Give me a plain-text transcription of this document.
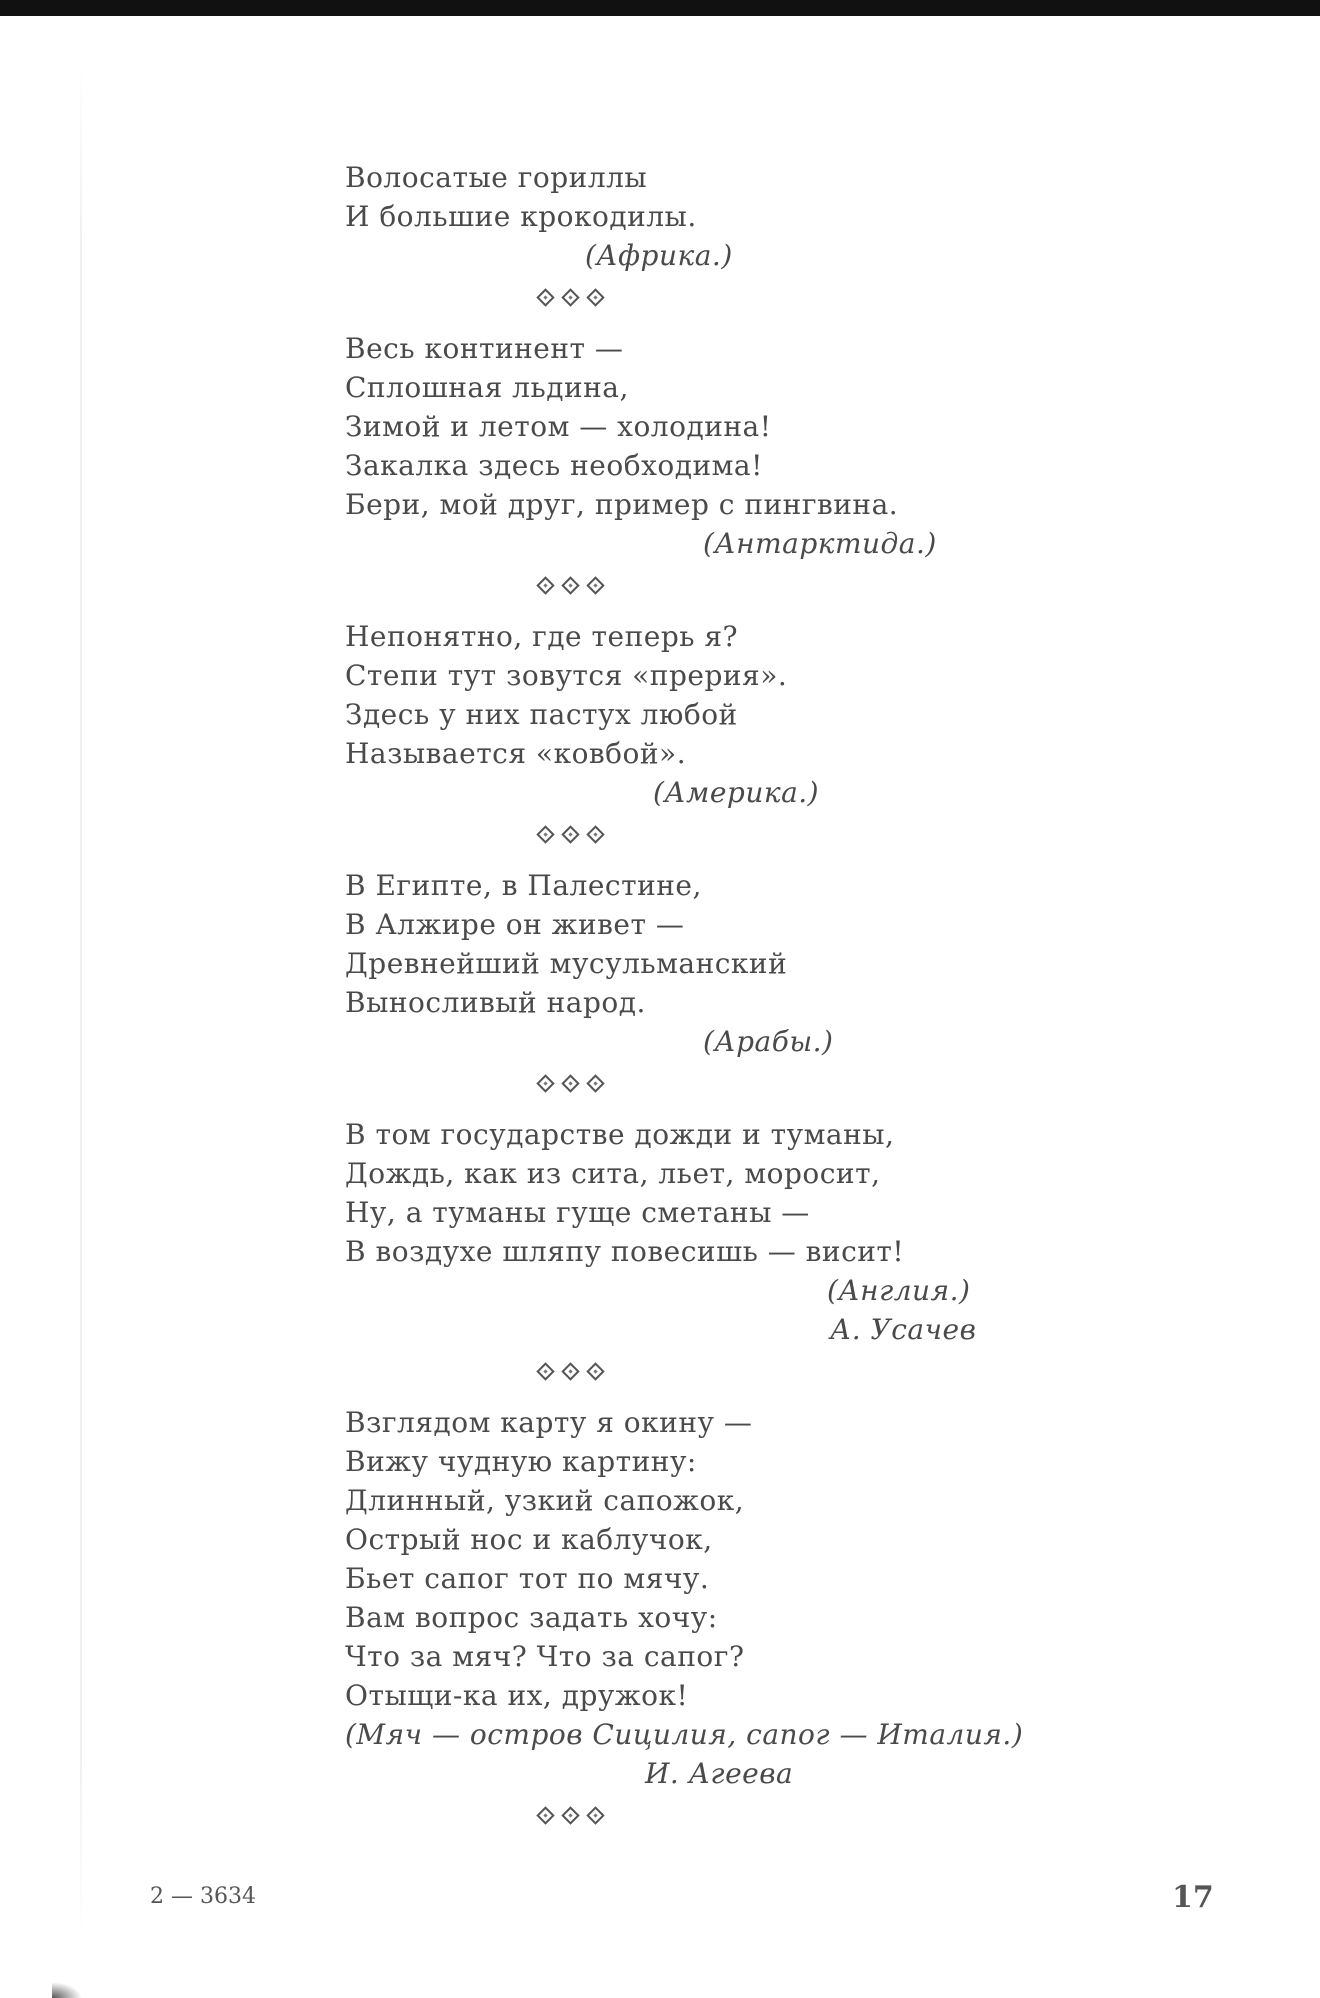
Волосатые гориллы
И большие крокодилы.
(Африка.)
Весь континент —
Сплошная льдина,
Зимой и летом — холодина!
Закалка здесь необходима!
Бери, мой друг, пример с пингвина.
(Антарктида.)
Непонятно, где теперь я?
Степи тут зовутся «прерия».
Здесь у них пастух любой
Называется «ковбой».
(Америка.)
В Египте, в Палестине,
В Алжире он живет —
Древнейший мусульманский
Выносливый народ.
(Арабы.)
В том государстве дожди и туманы,
Дождь, как из сита, льет, моросит,
Ну, а туманы гуще сметаны —
В воздухе шляпу повесишь — висит!
(Англия.)
А. Усачев
Взглядом карту я окину —
Вижу чудную картину:
Длинный, узкий сапожок,
Острый нос и каблучок,
Бьет сапог тот по мячу.
Вам вопрос задать хочу:
Что за мяч? Что за сапог?
Отыщи-ка их, дружок!
(Мяч — остров Сицилия, сапог — Италия.)
И. Агеева
2 — 3634	17
